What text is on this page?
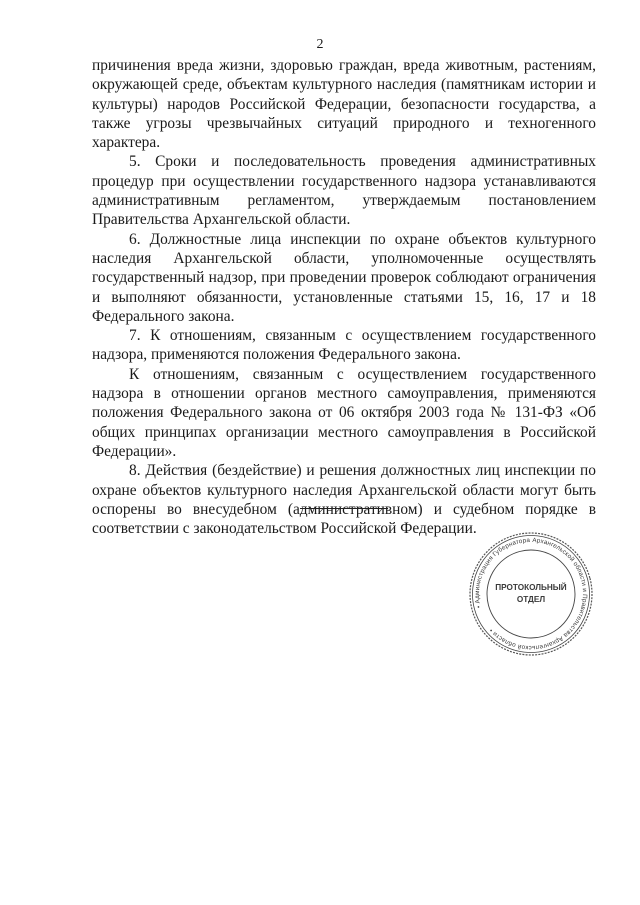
2

причинения вреда жизни, здоровью граждан, вреда животным, растениям, окружающей среде, объектам культурного наследия (памятникам истории и культуры) народов Российской Федерации, безопасности государства, а также угрозы чрезвычайных ситуаций природного и техногенного характера.

5. Сроки и последовательность проведения административных процедур при осуществлении государственного надзора устанавливаются административным регламентом, утверждаемым постановлением Правительства Архангельской области.

6. Должностные лица инспекции по охране объектов культурного наследия Архангельской области, уполномоченные осуществлять государственный надзор, при проведении проверок соблюдают ограничения и выполняют обязанности, установленные статьями 15, 16, 17 и 18 Федерального закона.

7. К отношениям, связанным с осуществлением государственного надзора, применяются положения Федерального закона.

К отношениям, связанным с осуществлением государственного надзора в отношении органов местного самоуправления, применяются положения Федерального закона от 06 октября 2003 года № 131-ФЗ «Об общих принципах организации местного самоуправления в Российской Федерации».

8. Действия (бездействие) и решения должностных лиц инспекции по охране объектов культурного наследия Архангельской области могут быть оспорены во внесудебном (административном) и судебном порядке в соответствии с законодательством Российской Федерации.

• Администрация Губернатора Архангельской области и Правительства Архангельской области •
ПРОТОКОЛЬНЫЙ
ОТДЕЛ
